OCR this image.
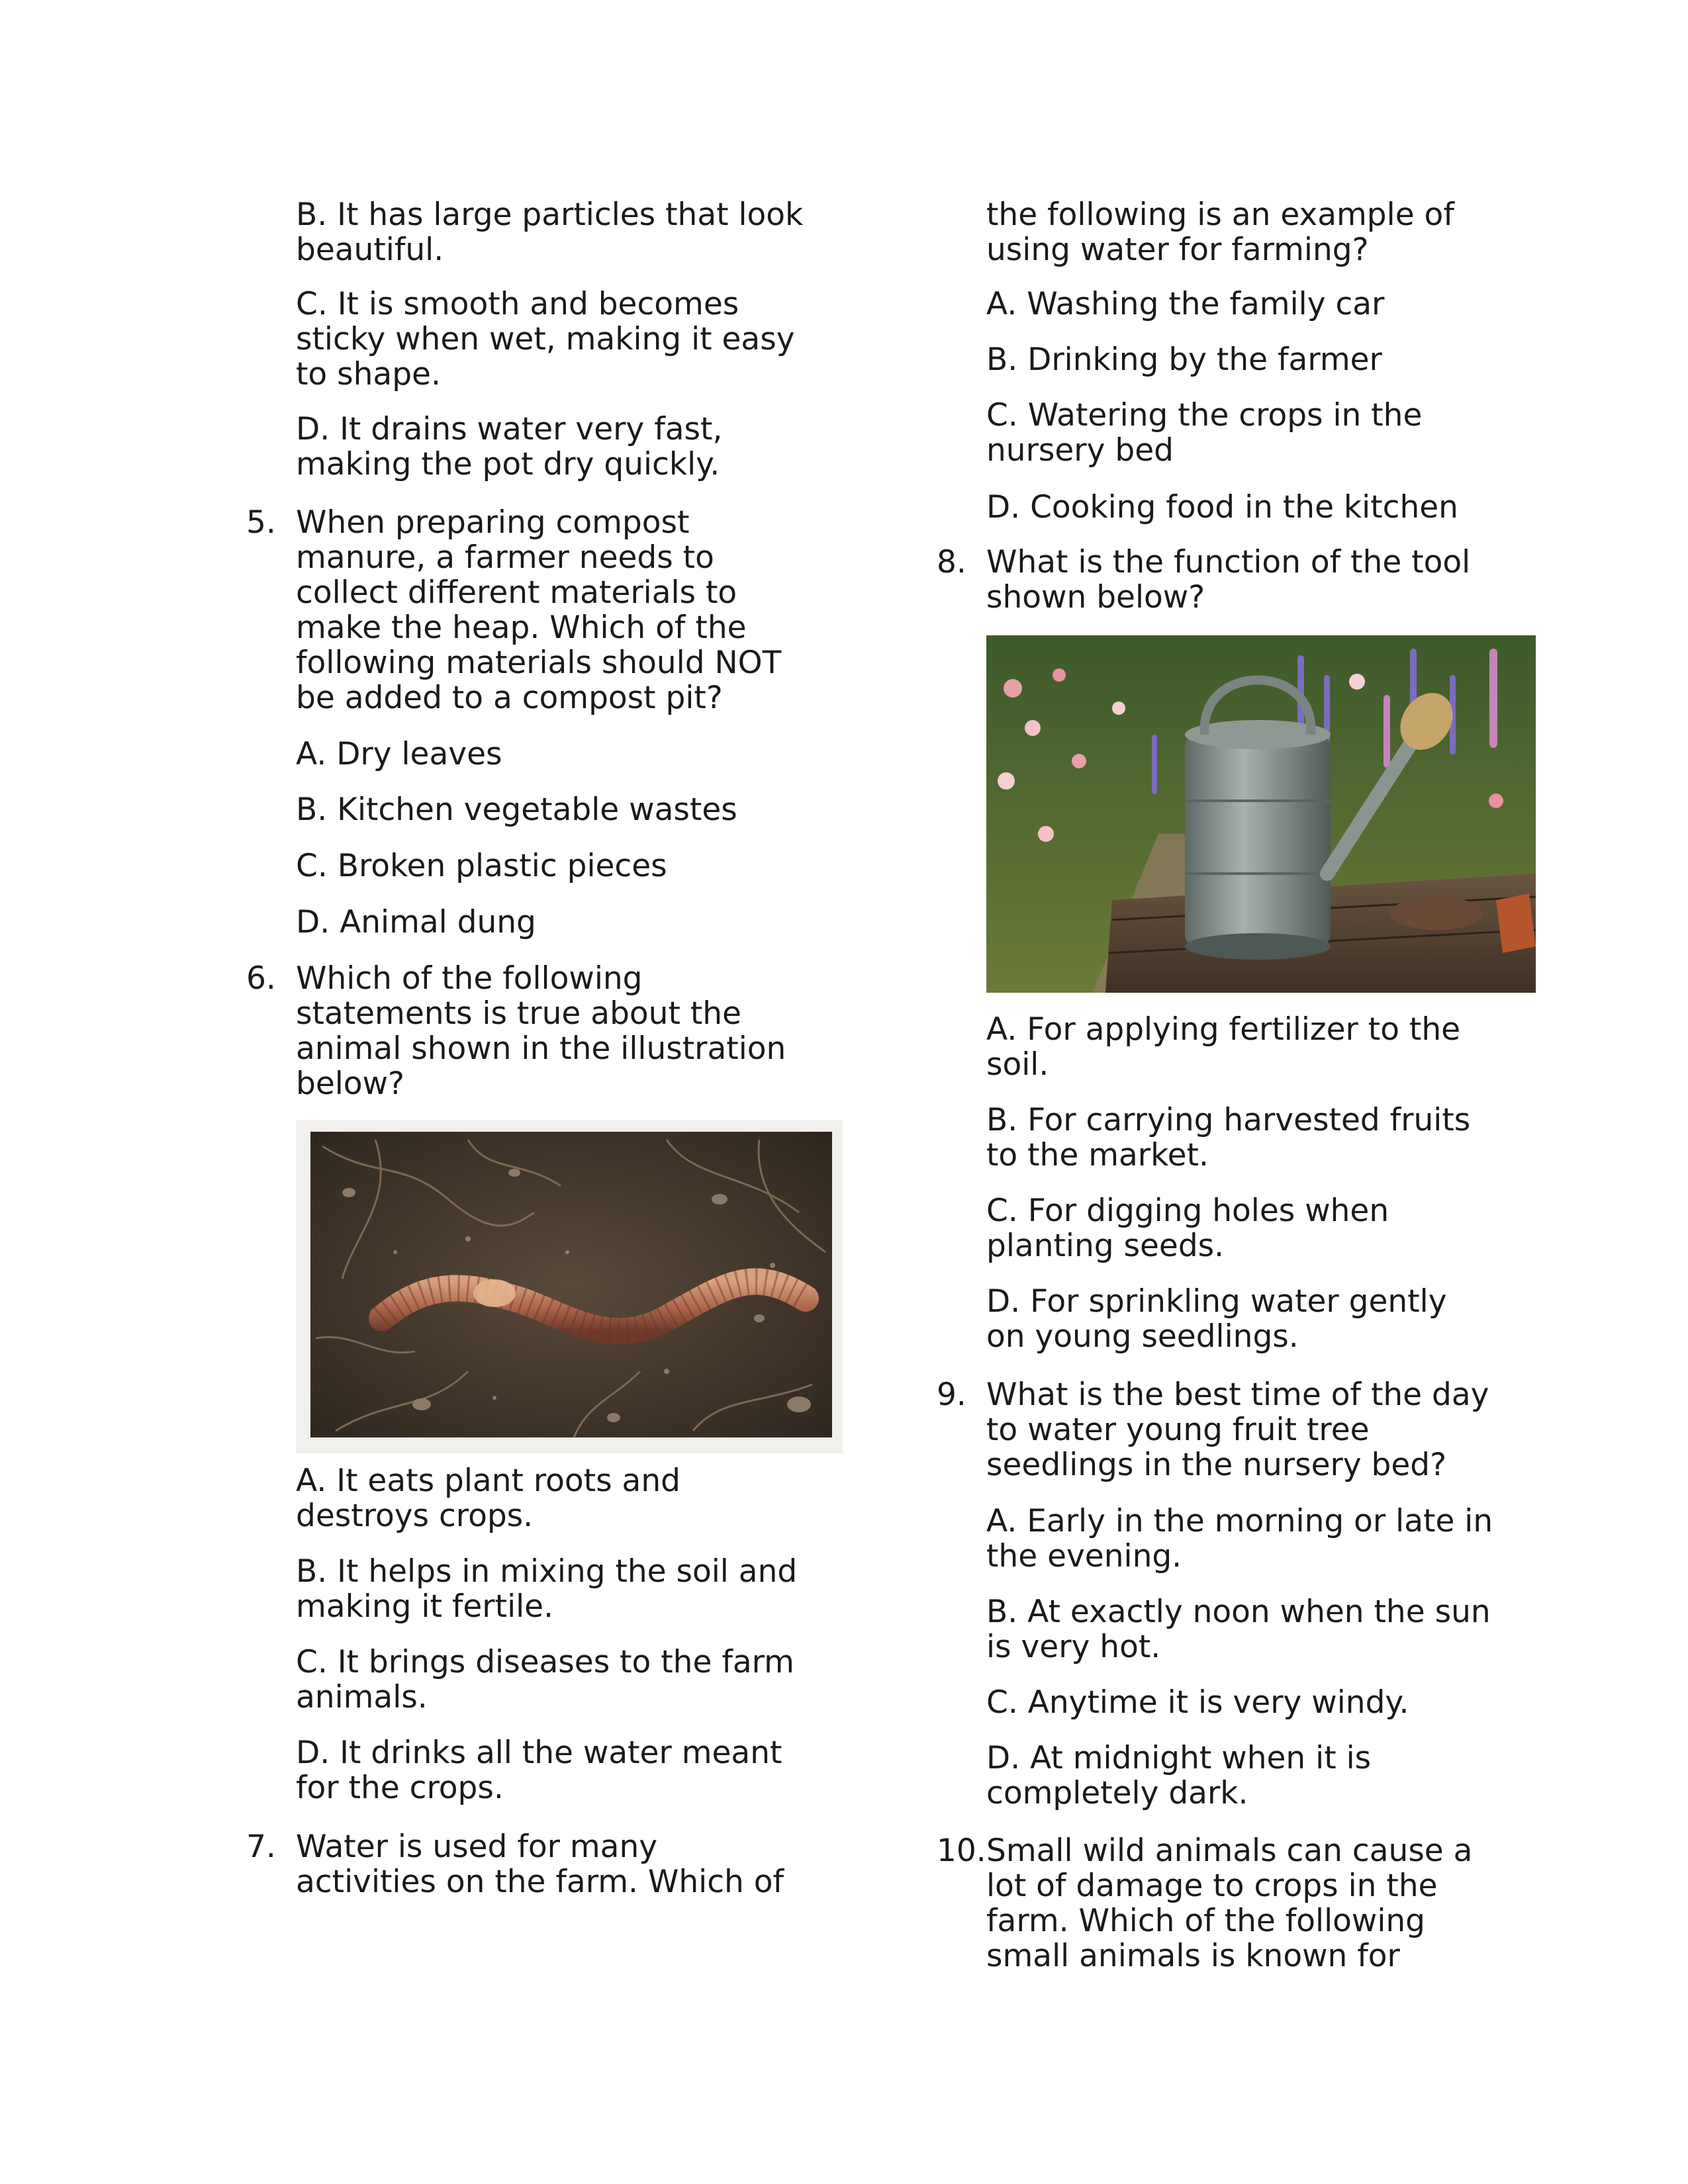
B. It has large particles that look
beautiful.

C. It is smooth and becomes
sticky when wet, making it easy
to shape.

D. It drains water very fast,
making the pot dry quickly.

5. When preparing compost
manure, a farmer needs to
collect different materials to
make the heap. Which of the
following materials should NOT
be added to a compost pit?

A. Dry leaves

B. Kitchen vegetable wastes

C. Broken plastic pieces

D. Animal dung

6. Which of the following
statements is true about the
animal shown in the illustration
below?

A. It eats plant roots and
destroys crops.

B. It helps in mixing the soil and
making it fertile.

C. It brings diseases to the farm
animals.

D. It drinks all the water meant
for the crops.

7. Water is used for many
activities on the farm. Which of

the following is an example of
using water for farming?

A. Washing the family car

B. Drinking by the farmer

C. Watering the crops in the
nursery bed

D. Cooking food in the kitchen

8. What is the function of the tool
shown below?

A. For applying fertilizer to the
soil.

B. For carrying harvested fruits
to the market.

C. For digging holes when
planting seeds.

D. For sprinkling water gently
on young seedlings.

9. What is the best time of the day
to water young fruit tree
seedlings in the nursery bed?

A. Early in the morning or late in
the evening.

B. At exactly noon when the sun
is very hot.

C. Anytime it is very windy.

D. At midnight when it is
completely dark.

10. Small wild animals can cause a
lot of damage to crops in the
farm. Which of the following
small animals is known for
